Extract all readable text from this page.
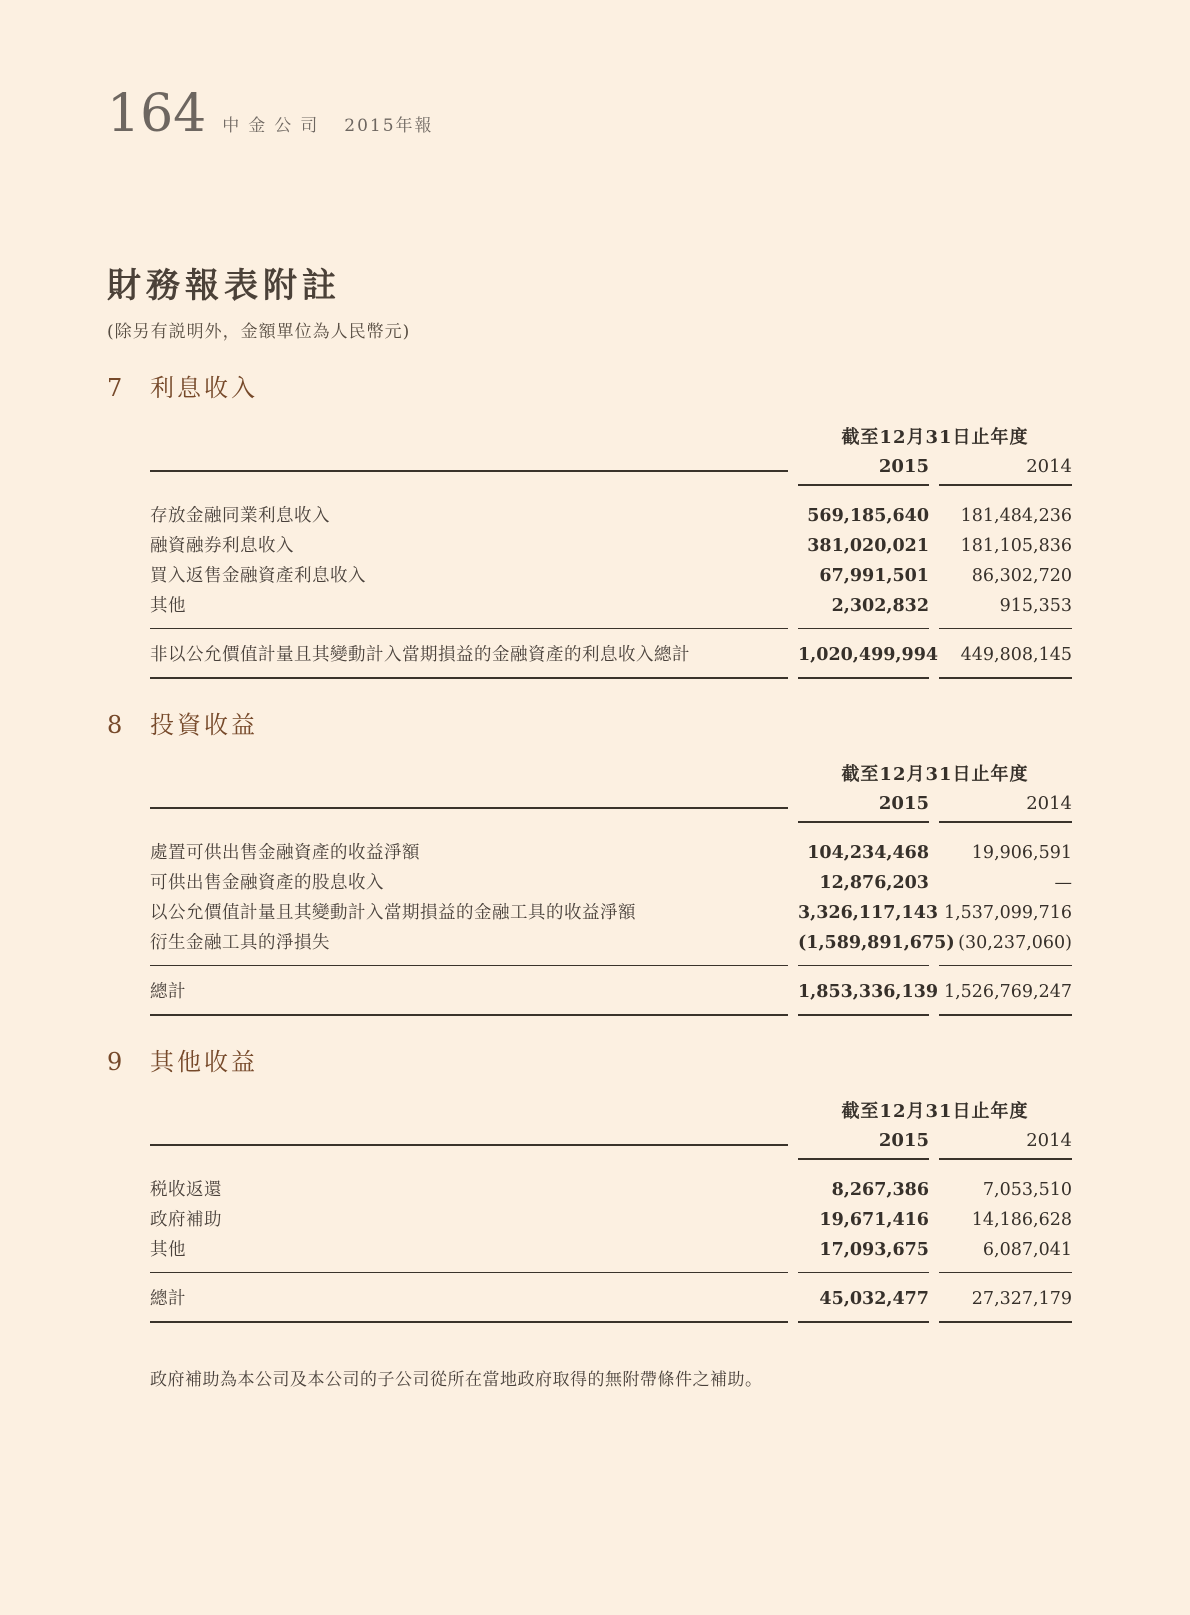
164 中金公司 2015年報
財務報表附註
(除另有説明外，金額單位為人民幣元)
7	利息收入
截至12月31日止年度
2015	2014
存放金融同業利息收入	569,185,640	181,484,236
融資融券利息收入	381,020,021	181,105,836
買入返售金融資產利息收入	67,991,501	86,302,720
其他	2,302,832	915,353
非以公允價值計量且其變動計入當期損益的金融資產的利息收入總計	1,020,499,994	449,808,145
8	投資收益
截至12月31日止年度
2015	2014
處置可供出售金融資產的收益淨額	104,234,468	19,906,591
可供出售金融資產的股息收入	12,876,203	—
以公允價值計量且其變動計入當期損益的金融工具的收益淨額	3,326,117,143 1,537,099,716
衍生金融工具的淨損失	(1,589,891,675) (30,237,060)
總計	1,853,336,139 1,526,769,247
9	其他收益
截至12月31日止年度
2015	2014
税收返還	8,267,386	7,053,510
政府補助	19,671,416	14,186,628
其他	17,093,675	6,087,041
總計	45,032,477	27,327,179

政府補助為本公司及本公司的子公司從所在當地政府取得的無附帶條件之補助。
